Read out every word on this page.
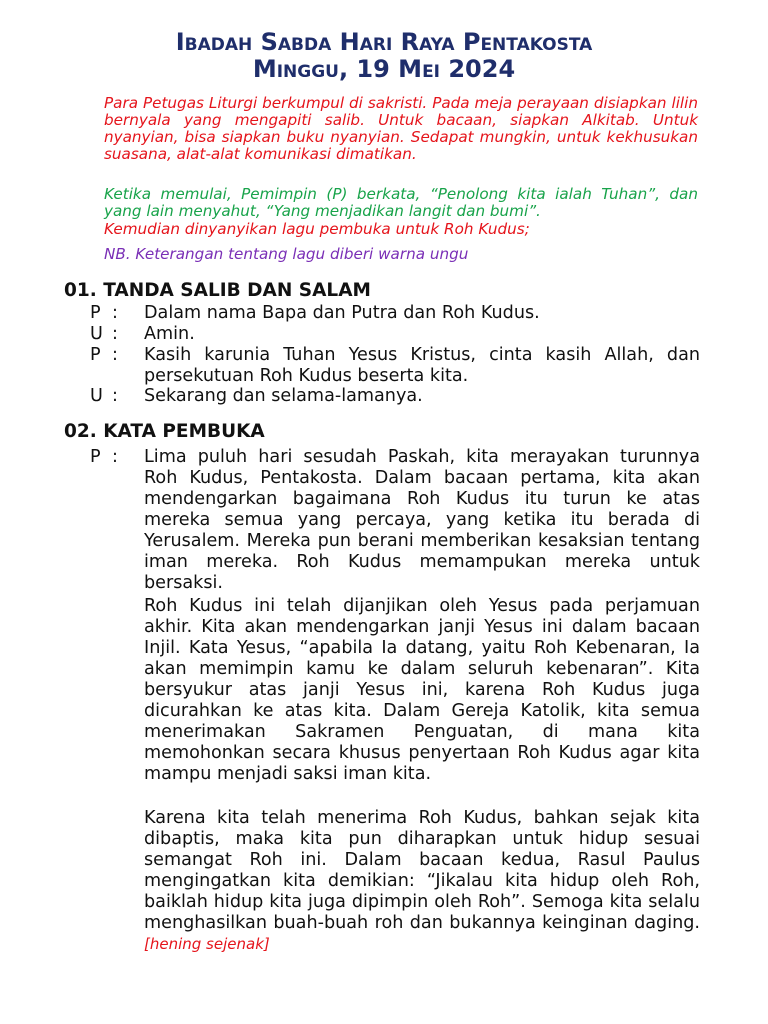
Ibadah Sabda Hari Raya Pentakosta
Minggu, 19 Mei 2024
Para Petugas Liturgi berkumpul di sakristi. Pada meja perayaan disiapkan lilin bernyala yang mengapiti salib. Untuk bacaan, siapkan Alkitab. Untuk nyanyian, bisa siapkan buku nyanyian. Sedapat mungkin, untuk kekhusukan suasana, alat-alat komunikasi dimatikan.
Ketika memulai, Pemimpin (P) berkata, “Penolong kita ialah Tuhan”, dan yang lain menyahut, “Yang menjadikan langit dan bumi”.
Kemudian dinyanyikan lagu pembuka untuk Roh Kudus;
NB. Keterangan tentang lagu diberi warna ungu
01. TANDA SALIB DAN SALAM
P : Dalam nama Bapa dan Putra dan Roh Kudus.
U : Amin.
P : Kasih karunia Tuhan Yesus Kristus, cinta kasih Allah, dan persekutuan Roh Kudus beserta kita.
U : Sekarang dan selama-lamanya.
02. KATA PEMBUKA
P : Lima puluh hari sesudah Paskah, kita merayakan turunnya Roh Kudus, Pentakosta. Dalam bacaan pertama, kita akan mendengarkan bagaimana Roh Kudus itu turun ke atas mereka semua yang percaya, yang ketika itu berada di Yerusalem. Mereka pun berani memberikan kesaksian tentang iman mereka. Roh Kudus memampukan mereka untuk bersaksi.
Roh Kudus ini telah dijanjikan oleh Yesus pada perjamuan akhir. Kita akan mendengarkan janji Yesus ini dalam bacaan Injil. Kata Yesus, “apabila Ia datang, yaitu Roh Kebenaran, Ia akan memimpin kamu ke dalam seluruh kebenaran”. Kita bersyukur atas janji Yesus ini, karena Roh Kudus juga dicurahkan ke atas kita. Dalam Gereja Katolik, kita semua menerimakan Sakramen Penguatan, di mana kita memohonkan secara khusus penyertaan Roh Kudus agar kita mampu menjadi saksi iman kita.
Karena kita telah menerima Roh Kudus, bahkan sejak kita dibaptis, maka kita pun diharapkan untuk hidup sesuai semangat Roh ini. Dalam bacaan kedua, Rasul Paulus mengingatkan kita demikian: “Jikalau kita hidup oleh Roh, baiklah hidup kita juga dipimpin oleh Roh”. Semoga kita selalu menghasilkan buah-buah roh dan bukannya keinginan daging. [hening sejenak]
